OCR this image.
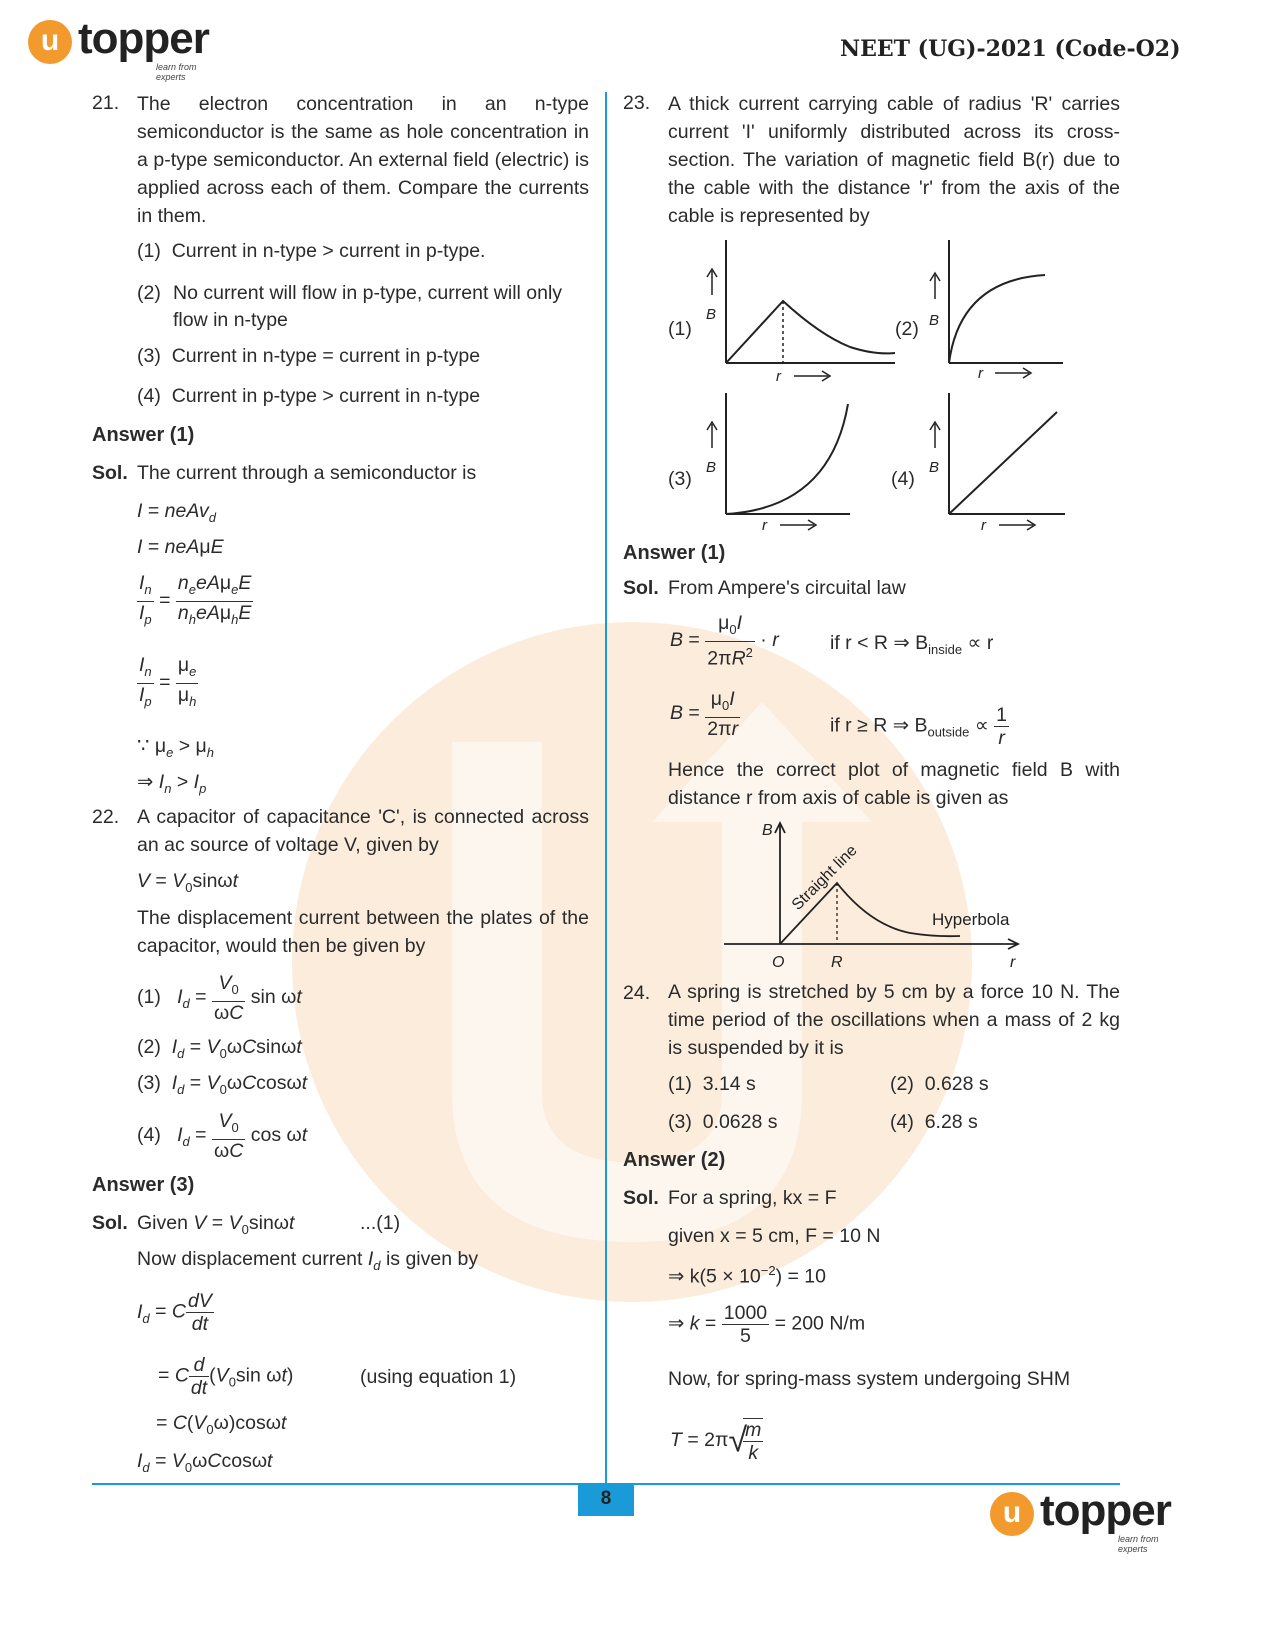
u topper
learn from experts
NEET (UG)-2021 (Code-O2)
21. The electron concentration in an n-type semiconductor is the same as hole concentration in a p-type semiconductor. An external field (electric) is applied across each of them. Compare the currents in them.
(1) Current in n-type > current in p-type.
(2) No current will flow in p-type, current will only flow in n-type
(3) Current in n-type = current in p-type
(4) Current in p-type > current in n-type
Answer (1)
Sol. The current through a semiconductor is
I = neAv$_d$
I = neAμE
$\frac{I_n}{I_p} = \frac{n_eeA\mu_eE}{n_heA\mu_hE}$
$\frac{I_n}{I_p} = \frac{\mu_e}{\mu_h}$
∵ $\mu_e > \mu_h$
⇒ $I_n > I_p$
22. A capacitor of capacitance 'C', is connected across an ac source of voltage V, given by
$V = V_0\sin\omega t$
The displacement current between the plates of the capacitor, would then be given by
(1) $I_d = \frac{V_0}{\omega C}$ sin ωt
(2) $I_d = V_0\omega Csin\omega t$
(3) $I_d = V_0\omega Ccos\omega t$
(4) $I_d = \frac{V_0}{\omega C}$ cos ωt
Answer (3)
Sol. Given $V = V_0\sin\omega t$	...(1)
Now displacement current $I_d$ is given by
$I_d = C \frac{dV}{dt}$
= C $\frac{d}{dt} (V_0\sin$ ωt)	(using equation 1)
= $C(V_0\omega)\cos\omega t$
$I_d = V_0\omega Ccos\omega t$
23. A thick current carrying cable of radius 'R' carries current 'I' uniformly distributed across its cross-section. The variation of magnetic field B(r) due to the cable with the distance 'r' from the axis of the cable is represented by
(1)
B
r
(2) B
r
(3)
B
r
(4)
B
r
Answer (1)
Sol. From Ampere's circuital law
$B = \frac{\mu_0I}{2\pi R^2} \cdot r$	if r < R ⇒ $B_{inside} \propto r$
$B = \frac{\mu_0I}{2\pi r}$	if r ≥ R ⇒ $B_{outside} \propto \frac{1}{r}$
Hence the correct plot of magnetic field B with distance r from axis of cable is given as
B
Straight line
Hyperbola
O	R	r
24. A spring is stretched by 5 cm by a force 10 N. The time period of the oscillations when a mass of 2 kg is suspended by it is
(1) 3.14 s	(2) 0.628 s
(3) 0.0628 s	(4) 6.28 s
Answer (2)
Sol. For a spring, kx = F
given x = 5 cm, F = 10 N
⇒ $k(5 \times 10^{-2}) = 10$
⇒ $k = \frac{1000}{5} = 200$ N/m
Now, for spring-mass system undergoing SHM
T = 2π√
$\frac{m}{k}$
8	u topper
learn from experts
